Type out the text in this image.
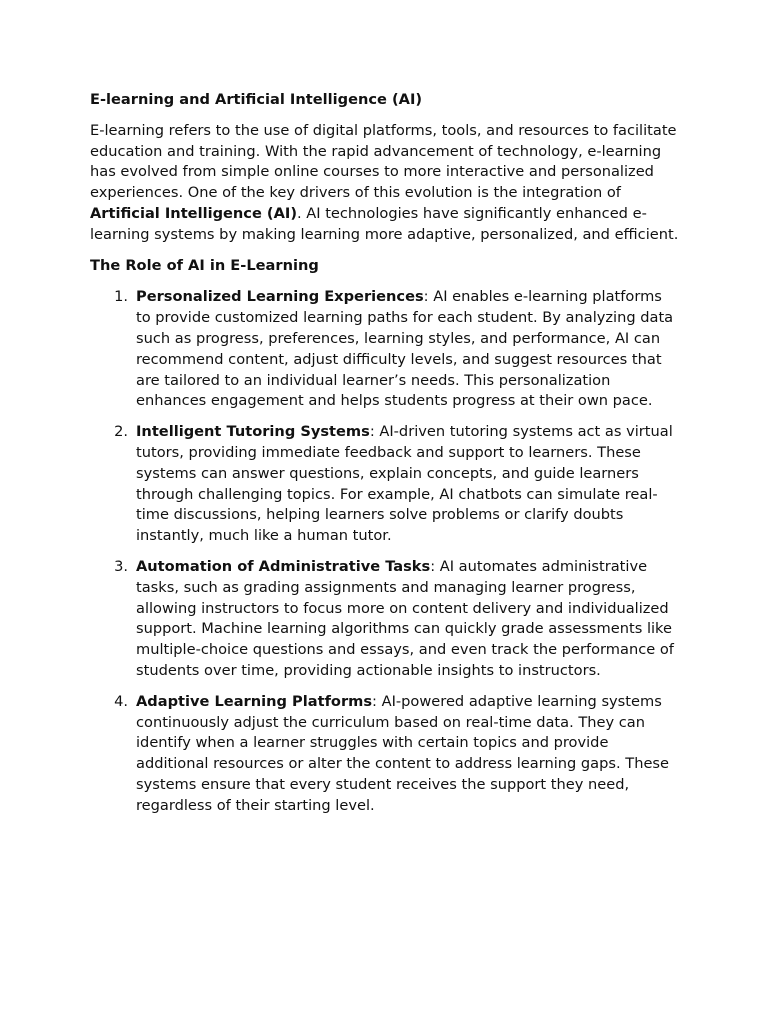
E-learning and Artificial Intelligence (AI)

E-learning refers to the use of digital platforms, tools, and resources to facilitate education and training. With the rapid advancement of technology, e-learning has evolved from simple online courses to more interactive and personalized experiences. One of the key drivers of this evolution is the integration of Artificial Intelligence (AI). AI technologies have significantly enhanced e-learning systems by making learning more adaptive, personalized, and efficient.

The Role of AI in E-Learning

1. Personalized Learning Experiences: AI enables e-learning platforms to provide customized learning paths for each student. By analyzing data such as progress, preferences, learning styles, and performance, AI can recommend content, adjust difficulty levels, and suggest resources that are tailored to an individual learner’s needs. This personalization enhances engagement and helps students progress at their own pace.
2. Intelligent Tutoring Systems: AI-driven tutoring systems act as virtual tutors, providing immediate feedback and support to learners. These systems can answer questions, explain concepts, and guide learners through challenging topics. For example, AI chatbots can simulate real-time discussions, helping learners solve problems or clarify doubts instantly, much like a human tutor.
3. Automation of Administrative Tasks: AI automates administrative tasks, such as grading assignments and managing learner progress, allowing instructors to focus more on content delivery and individualized support. Machine learning algorithms can quickly grade assessments like multiple-choice questions and essays, and even track the performance of students over time, providing actionable insights to instructors.
4. Adaptive Learning Platforms: AI-powered adaptive learning systems continuously adjust the curriculum based on real-time data. They can identify when a learner struggles with certain topics and provide additional resources or alter the content to address learning gaps. These systems ensure that every student receives the support they need, regardless of their starting level.
